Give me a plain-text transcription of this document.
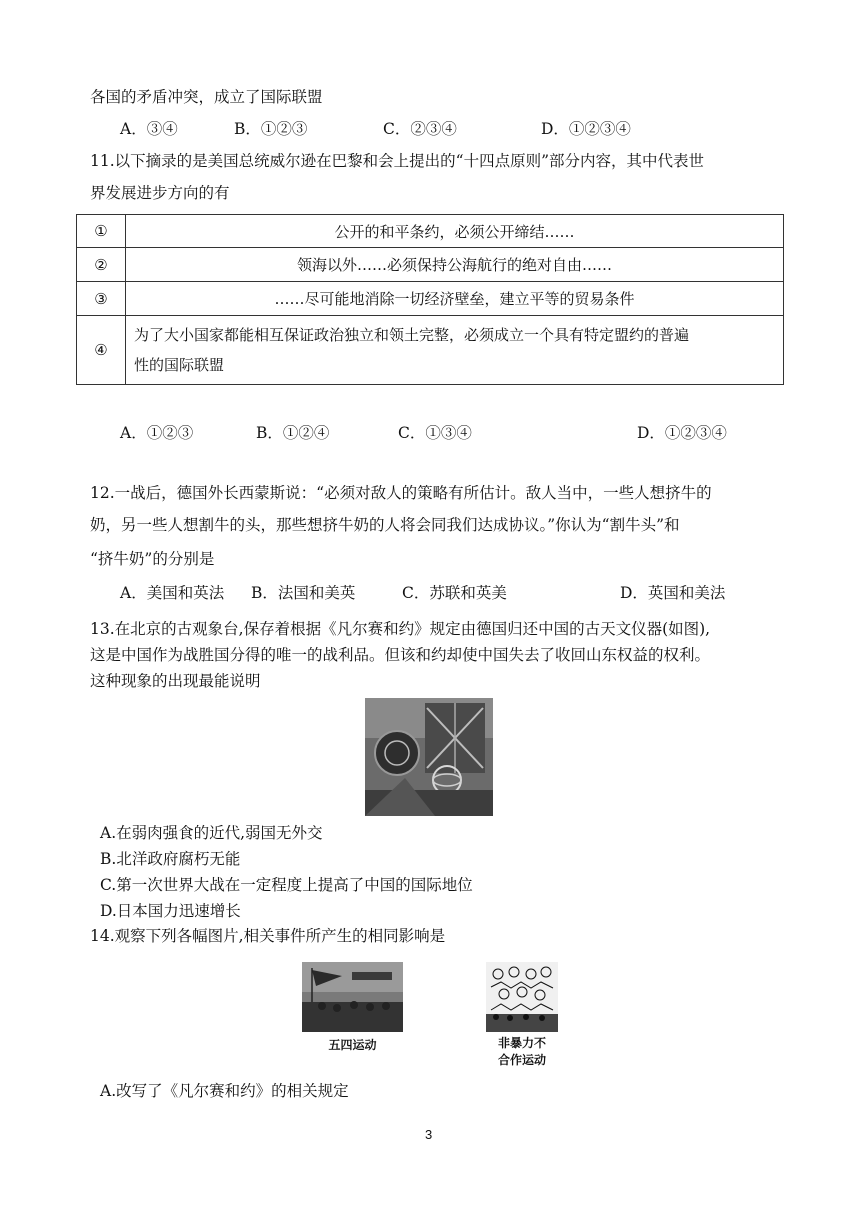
各国的矛盾冲突，成立了国际联盟
A．③④	B．①②③	C．②③④	D．①②③④
11.以下摘录的是美国总统威尔逊在巴黎和会上提出的“十四点原则”部分内容，其中代表世
界发展进步方向的有
①	公开的和平条约，必须公开缔结……
②	领海以外……必须保持公海航行的绝对自由……
③	……尽可能地消除一切经济壁垒，建立平等的贸易条件
④	为了大小国家都能相互保证政治独立和领土完整，必须成立一个具有特定盟约的普遍
性的国际联盟
A．①②③	B．①②④	C．①③④	D．①②③④
12.一战后，德国外长西蒙斯说：“必须对敌人的策略有所估计。敌人当中，一些人想挤牛的
奶，另一些人想割牛的头，那些想挤牛奶的人将会同我们达成协议。”你认为“割牛头”和
“挤牛奶”的分别是
A．美国和英法 B．法国和美英	C．苏联和英美	D．英国和美法
13.在北京的古观象台,保存着根据《凡尔赛和约》规定由德国归还中国的古天文仪器(如图),
这是中国作为战胜国分得的唯一的战利品。但该和约却使中国失去了收回山东权益的权利。
这种现象的出现最能说明
A.在弱肉强食的近代,弱国无外交
B.北洋政府腐朽无能
C.第一次世界大战在一定程度上提高了中国的国际地位
D.日本国力迅速增长
14.观察下列各幅图片,相关事件所产生的相同影响是
五四运动	非暴力不
合作运动
A.改写了《凡尔赛和约》的相关规定
3
